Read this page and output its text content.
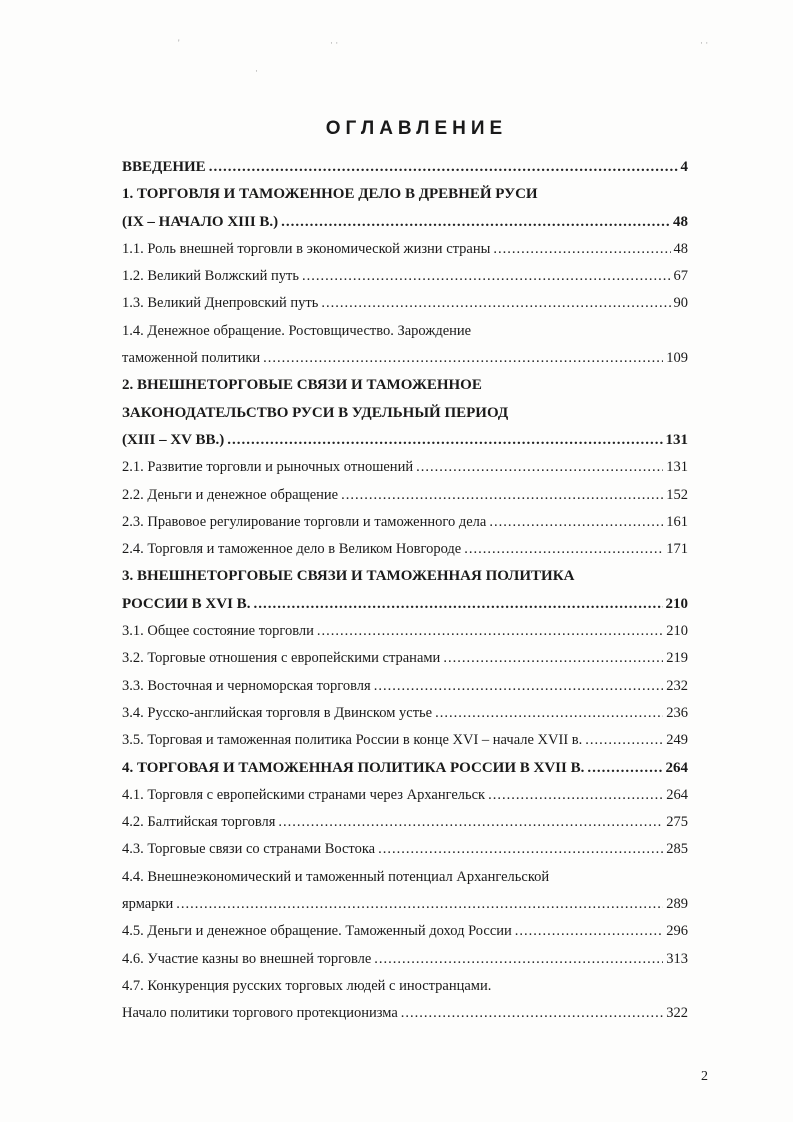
'	· ·
·
· ·
ОГЛАВЛЕНИЕ
ВВЕДЕНИЕ .....	4
1. ТОРГОВЛЯ И ТАМОЖЕННОЕ ДЕЛО В ДРЕВНЕЙ РУСИ
(IX – НАЧАЛО XIII В.) .....	48
1.1. Роль внешней торговли в экономической жизни страны .....	48
1.2. Великий Волжский путь .....	67
1.3. Великий Днепровский путь .....	90
1.4. Денежное обращение. Ростовщичество. Зарождение
таможенной политики .....	109
2. ВНЕШНЕТОРГОВЫЕ СВЯЗИ И ТАМОЖЕННОЕ
ЗАКОНОДАТЕЛЬСТВО РУСИ В УДЕЛЬНЫЙ ПЕРИОД
(XIII – XV ВВ.) .....	131
2.1. Развитие торговли и рыночных отношений .....	131
2.2. Деньги и денежное обращение .....	152
2.3. Правовое регулирование торговли и таможенного дела .....	161
2.4. Торговля и таможенное дело в Великом Новгороде .....	171
3. ВНЕШНЕТОРГОВЫЕ СВЯЗИ И ТАМОЖЕННАЯ ПОЛИТИКА
РОССИИ В XVI В. .....	210
3.1. Общее состояние торговли .....	210
3.2. Торговые отношения с европейскими странами .....	219
3.3. Восточная и черноморская торговля .....	232
3.4. Русско-английская торговля в Двинском устье .....	236
3.5. Торговая и таможенная политика России в конце XVI – начале XVII в. .....	249
4. ТОРГОВАЯ И ТАМОЖЕННАЯ ПОЛИТИКА РОССИИ В XVII В. .....	264
4.1. Торговля с европейскими странами через Архангельск .....	264
4.2. Балтийская торговля .....	275
4.3. Торговые связи со странами Востока .....	285
4.4. Внешнеэкономический и таможенный потенциал Архангельской
ярмарки .....	289
4.5. Деньги и денежное обращение. Таможенный доход России .....	296
4.6. Участие казны во внешней торговле .....	313
4.7. Конкуренция русских торговых людей с иностранцами.
Начало политики торгового протекционизма .....	322
2
